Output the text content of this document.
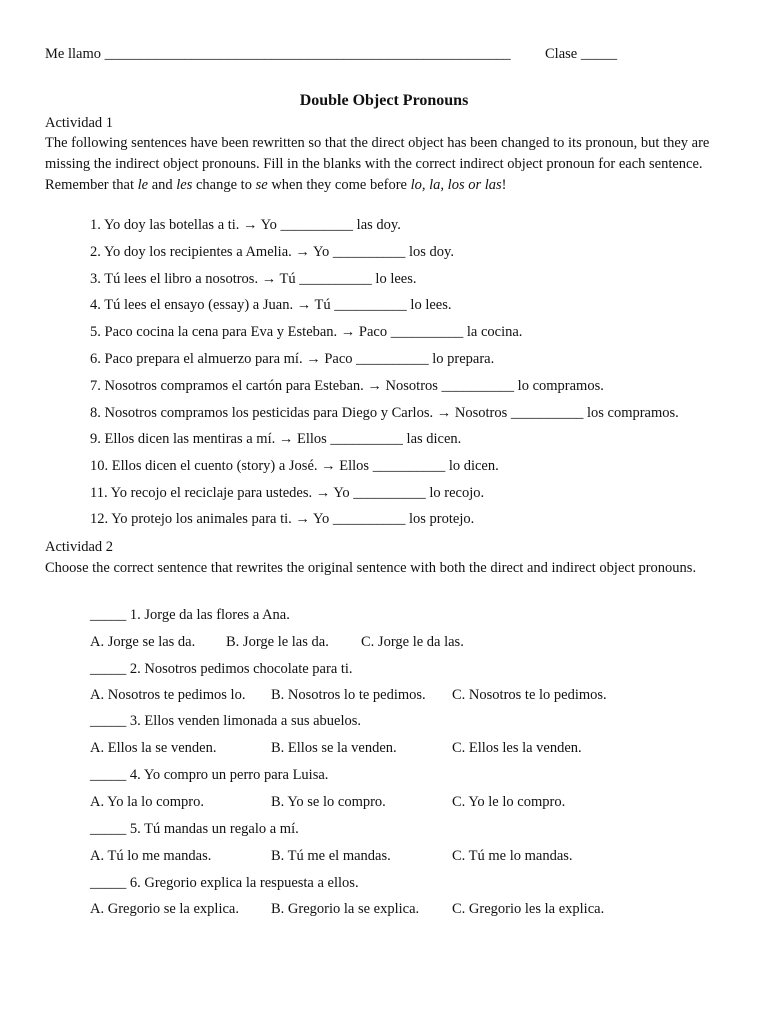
Me llamo ________________________________________________________ Clase _____
Double Object Pronouns
Actividad 1
The following sentences have been rewritten so that the direct object has been changed to its pronoun, but they are missing the indirect object pronouns. Fill in the blanks with the correct indirect object pronoun for each sentence. Remember that le and les change to se when they come before lo, la, los or las!
1. Yo doy las botellas a ti. → Yo __________ las doy.
2. Yo doy los recipientes a Amelia. → Yo __________ los doy.
3. Tú lees el libro a nosotros. → Tú __________ lo lees.
4. Tú lees el ensayo (essay) a Juan. → Tú __________ lo lees.
5. Paco cocina la cena para Eva y Esteban. → Paco __________ la cocina.
6. Paco prepara el almuerzo para mí. → Paco __________ lo prepara.
7. Nosotros compramos el cartón para Esteban. → Nosotros __________ lo compramos.
8. Nosotros compramos los pesticidas para Diego y Carlos. → Nosotros __________ los compramos.
9. Ellos dicen las mentiras a mí. → Ellos __________ las dicen.
10. Ellos dicen el cuento (story) a José. → Ellos __________ lo dicen.
11. Yo recojo el reciclaje para ustedes. → Yo __________ lo recojo.
12. Yo protejo los animales para ti. → Yo __________ los protejo.
Actividad 2
Choose the correct sentence that rewrites the original sentence with both the direct and indirect object pronouns.
_____ 1. Jorge da las flores a Ana.
A. Jorge se las da. B. Jorge le las da. C. Jorge le da las.
_____ 2. Nosotros pedimos chocolate para ti.
A. Nosotros te pedimos lo. B. Nosotros lo te pedimos. C. Nosotros te lo pedimos.
_____ 3. Ellos venden limonada a sus abuelos.
A. Ellos la se venden.	B. Ellos se la venden.	C. Ellos les la venden.
_____ 4. Yo compro un perro para Luisa.
A. Yo la lo compro.	B. Yo se lo compro.	C. Yo le lo compro.
_____ 5. Tú mandas un regalo a mí.
A. Tú lo me mandas.	B. Tú me el mandas.	C. Tú me lo mandas.
_____ 6. Gregorio explica la respuesta a ellos.
A. Gregorio se la explica. B. Gregorio la se explica. C. Gregorio les la explica.
